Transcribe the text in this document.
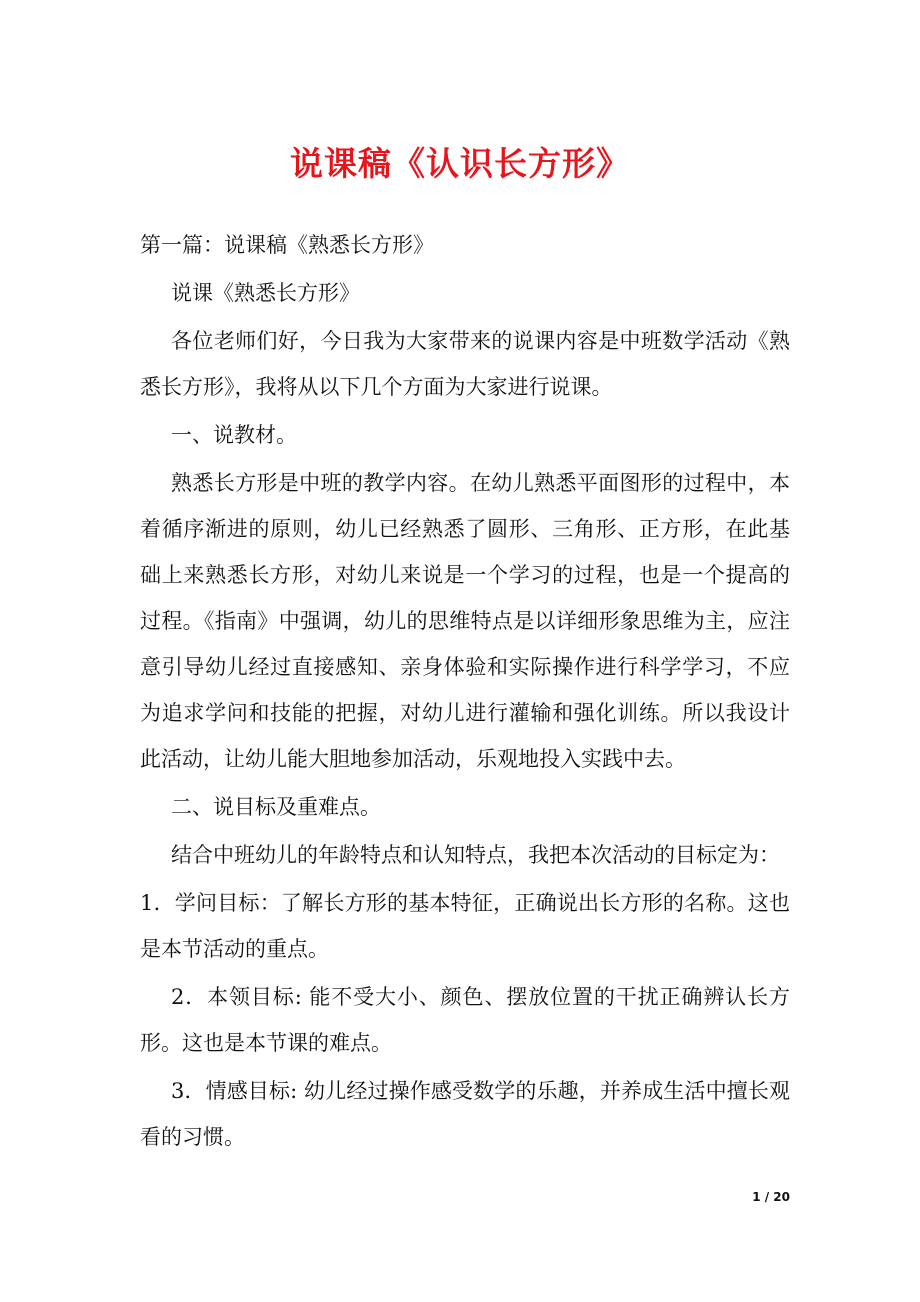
说课稿《认识长方形》

第一篇：说课稿《熟悉长方形》

说课《熟悉长方形》

各位老师们好，今日我为大家带来的说课内容是中班数学活动《熟悉长方形》，我将从以下几个方面为大家进行说课。

一、说教材。

熟悉长方形是中班的教学内容。在幼儿熟悉平面图形的过程中，本着循序渐进的原则，幼儿已经熟悉了圆形、三角形、正方形，在此基础上来熟悉长方形，对幼儿来说是一个学习的过程，也是一个提高的过程。《指南》中强调，幼儿的思维特点是以详细形象思维为主，应注意引导幼儿经过直接感知、亲身体验和实际操作进行科学学习，不应为追求学问和技能的把握，对幼儿进行灌输和强化训练。所以我设计此活动，让幼儿能大胆地参加活动，乐观地投入实践中去。

二、说目标及重难点。

结合中班幼儿的年龄特点和认知特点，我把本次活动的目标定为：

1．学问目标：了解长方形的基本特征，正确说出长方形的名称。这也是本节活动的重点。

2．本领目标: 能不受大小、颜色、摆放位置的干扰正确辨认长方形。这也是本节课的难点。

3．情感目标: 幼儿经过操作感受数学的乐趣，并养成生活中擅长观看的习惯。

1 / 20
